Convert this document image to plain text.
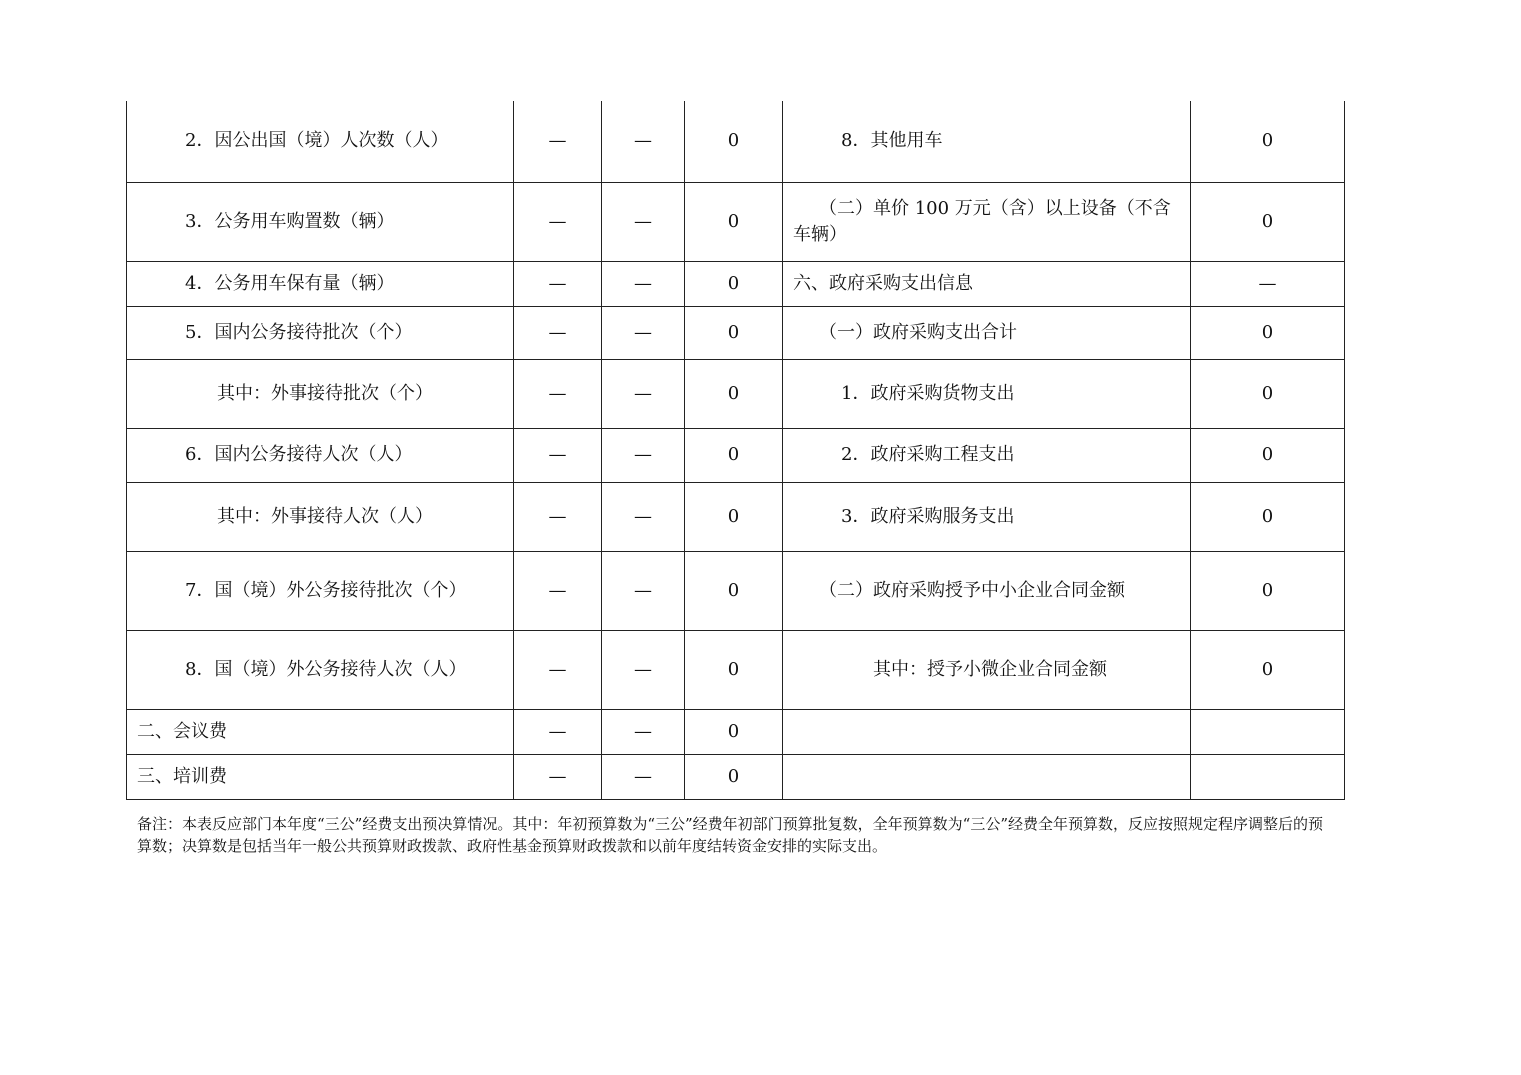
2．因公出国（境）人次数（人）	—	—	0	8．其他用车	0
3．公务用车购置数（辆）	—	—	0	（二）单价 100 万元（含）以上设备（不含车辆）	0
4．公务用车保有量（辆）	—	—	0	六、政府采购支出信息	—
5．国内公务接待批次（个）	—	—	0	（一）政府采购支出合计	0
其中：外事接待批次（个）	—	—	0	1．政府采购货物支出	0
6．国内公务接待人次（人）	—	—	0	2．政府采购工程支出	0
其中：外事接待人次（人）	—	—	0	3．政府采购服务支出	0
7．国（境）外公务接待批次（个）	—	—	0	（二）政府采购授予中小企业合同金额	0
8．国（境）外公务接待人次（人）	—	—	0	其中：授予小微企业合同金额	0
二、会议费	—	—	0		
三、培训费	—	—	0		
备注：本表反应部门本年度“三公”经费支出预决算情况。其中：年初预算数为“三公”经费年初部门预算批复数，全年预算数为“三公”经费全年预算数，反应按照规定程序调整后的预算数；决算数是包括当年一般公共预算财政拨款、政府性基金预算财政拨款和以前年度结转资金安排的实际支出。
